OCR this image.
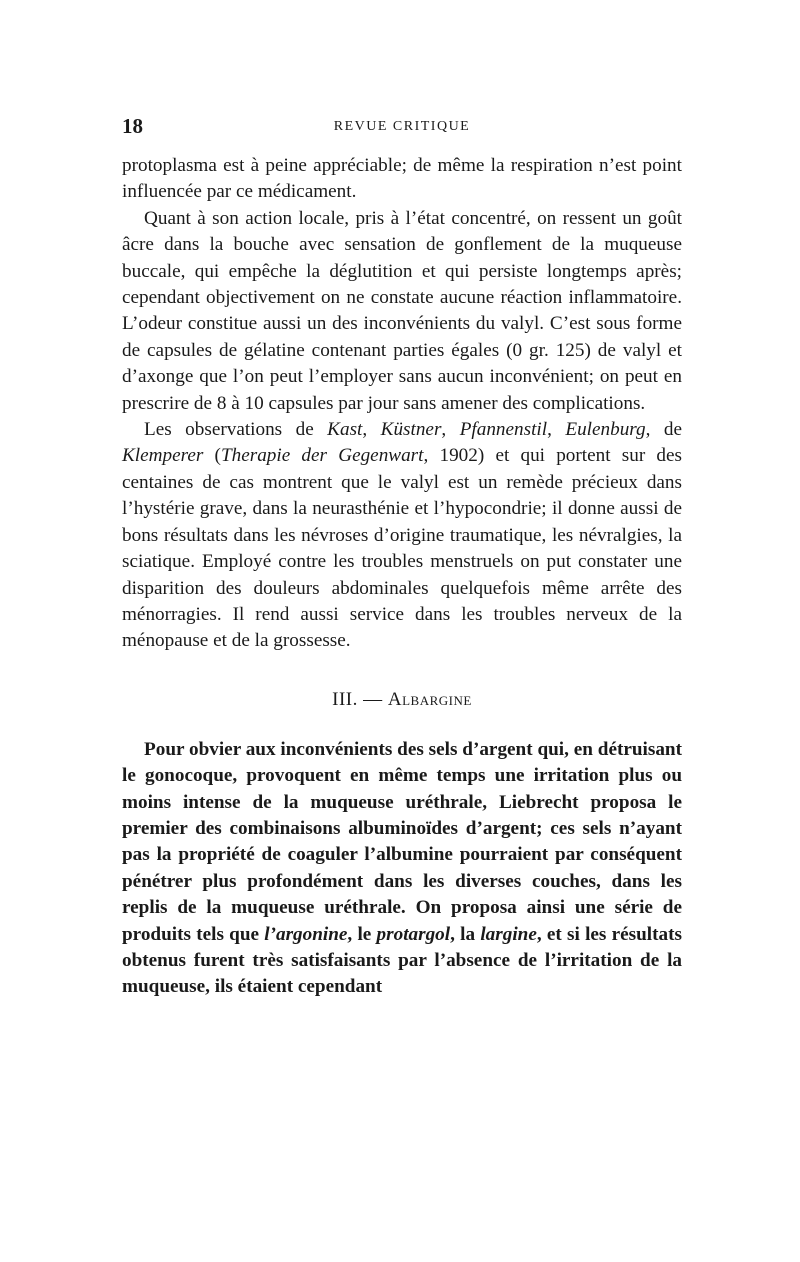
18	REVUE CRITIQUE

protoplasma est à peine appréciable; de même la respiration n’est point influencée par ce médicament.

Quant à son action locale, pris à l’état concentré, on ressent un goût âcre dans la bouche avec sensation de gonflement de la muqueuse buccale, qui empêche la déglutition et qui persiste longtemps après; cependant objectivement on ne constate aucune réaction inflammatoire. L’odeur constitue aussi un des inconvénients du valyl. C’est sous forme de capsules de gélatine contenant parties égales (0 gr. 125) de valyl et d’axonge que l’on peut l’employer sans aucun inconvénient; on peut en prescrire de 8 à 10 capsules par jour sans amener des complications.

Les observations de Kast, Küstner, Pfannenstil, Eulenburg, de Klemperer (Therapie der Gegenwart, 1902) et qui portent sur des centaines de cas montrent que le valyl est un remède précieux dans l’hystérie grave, dans la neurasthénie et l’hypocondrie; il donne aussi de bons résultats dans les névroses d’origine traumatique, les névralgies, la sciatique. Employé contre les troubles menstruels on put constater une disparition des douleurs abdominales quelquefois même arrête des ménorragies. Il rend aussi service dans les troubles nerveux de la ménopause et de la grossesse.

III. — Albargine

Pour obvier aux inconvénients des sels d’argent qui, en détruisant le gonocoque, provoquent en même temps une irritation plus ou moins intense de la muqueuse uréthrale, Liebrecht proposa le premier des combinaisons albuminoïdes d’argent; ces sels n’ayant pas la propriété de coaguler l’albumine pourraient par conséquent pénétrer plus profondément dans les diverses couches, dans les replis de la muqueuse uréthrale. On proposa ainsi une série de produits tels que l’argonine, le protargol, la largine, et si les résultats obtenus furent très satisfaisants par l’absence de l’irritation de la muqueuse, ils étaient cependant
